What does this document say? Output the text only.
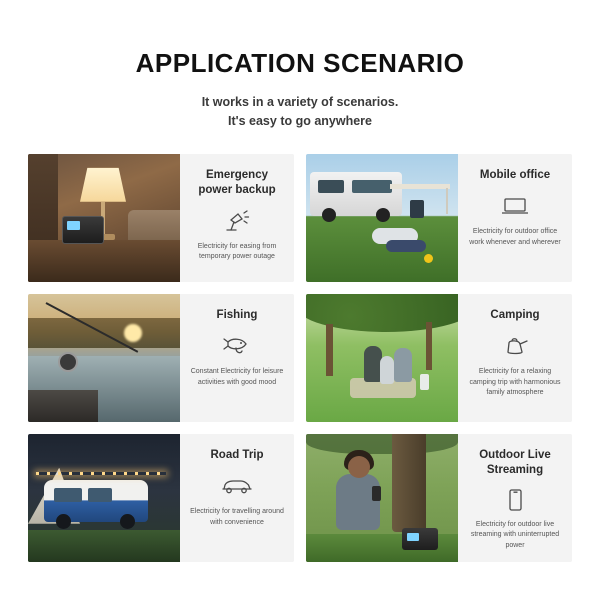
APPLICATION SCENARIO
It works in a variety of scenarios.
It's easy to go anywhere
Emergency
power backup
Electricity for easing from temporary power outage
Mobile office
Electricity for outdoor office work whenever and wherever
Fishing
Constant Electricity for leisure activities with good mood
Camping
Electricity for a relaxing camping trip with harmonious family atmosphere
Road Trip
Electricity for travelling around with convenience
Outdoor Live
Streaming
Electricity for outdoor live streaming with uninterrupted power
